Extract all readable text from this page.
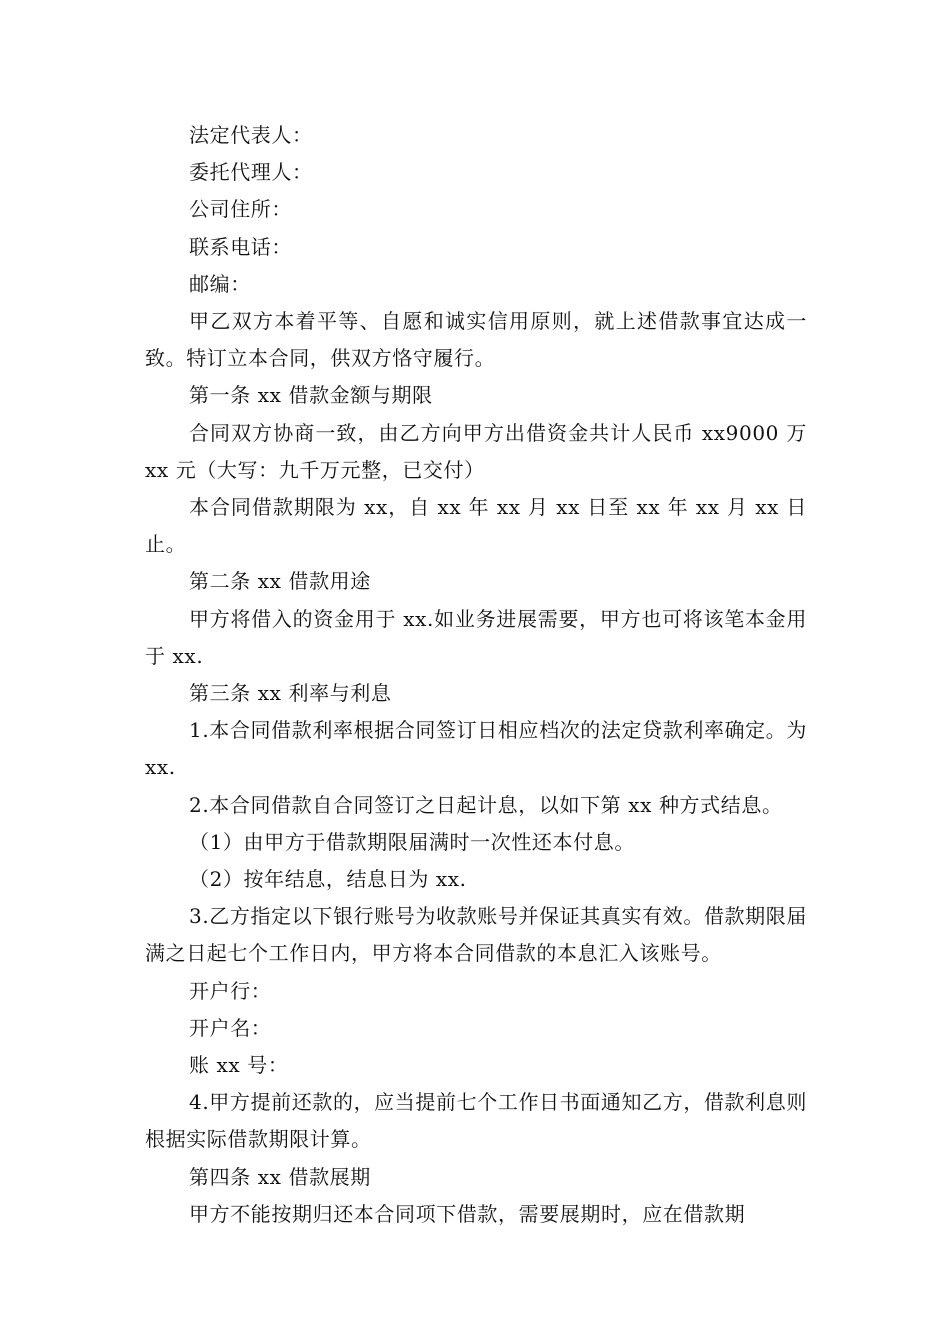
法定代表人：

委托代理人：

公司住所：

联系电话：

邮编：

甲乙双方本着平等、自愿和诚实信用原则，就上述借款事宜达成一致。特订立本合同，供双方恪守履行。

第一条 xx 借款金额与期限

合同双方协商一致，由乙方向甲方出借资金共计人民币 xx9000 万 xx 元（大写：九千万元整，已交付）

本合同借款期限为 xx，自 xx 年 xx 月 xx 日至 xx 年 xx 月 xx 日止。

第二条 xx 借款用途

甲方将借入的资金用于 xx.如业务进展需要，甲方也可将该笔本金用于 xx.

第三条 xx 利率与利息

1.本合同借款利率根据合同签订日相应档次的法定贷款利率确定。为 xx.

2.本合同借款自合同签订之日起计息，以如下第 xx 种方式结息。

（1）由甲方于借款期限届满时一次性还本付息。

（2）按年结息，结息日为 xx.

3.乙方指定以下银行账号为收款账号并保证其真实有效。借款期限届满之日起七个工作日内，甲方将本合同借款的本息汇入该账号。

开户行：

开户名：

账 xx 号：

4.甲方提前还款的，应当提前七个工作日书面通知乙方，借款利息则根据实际借款期限计算。

第四条 xx 借款展期

甲方不能按期归还本合同项下借款，需要展期时，应在借款期
